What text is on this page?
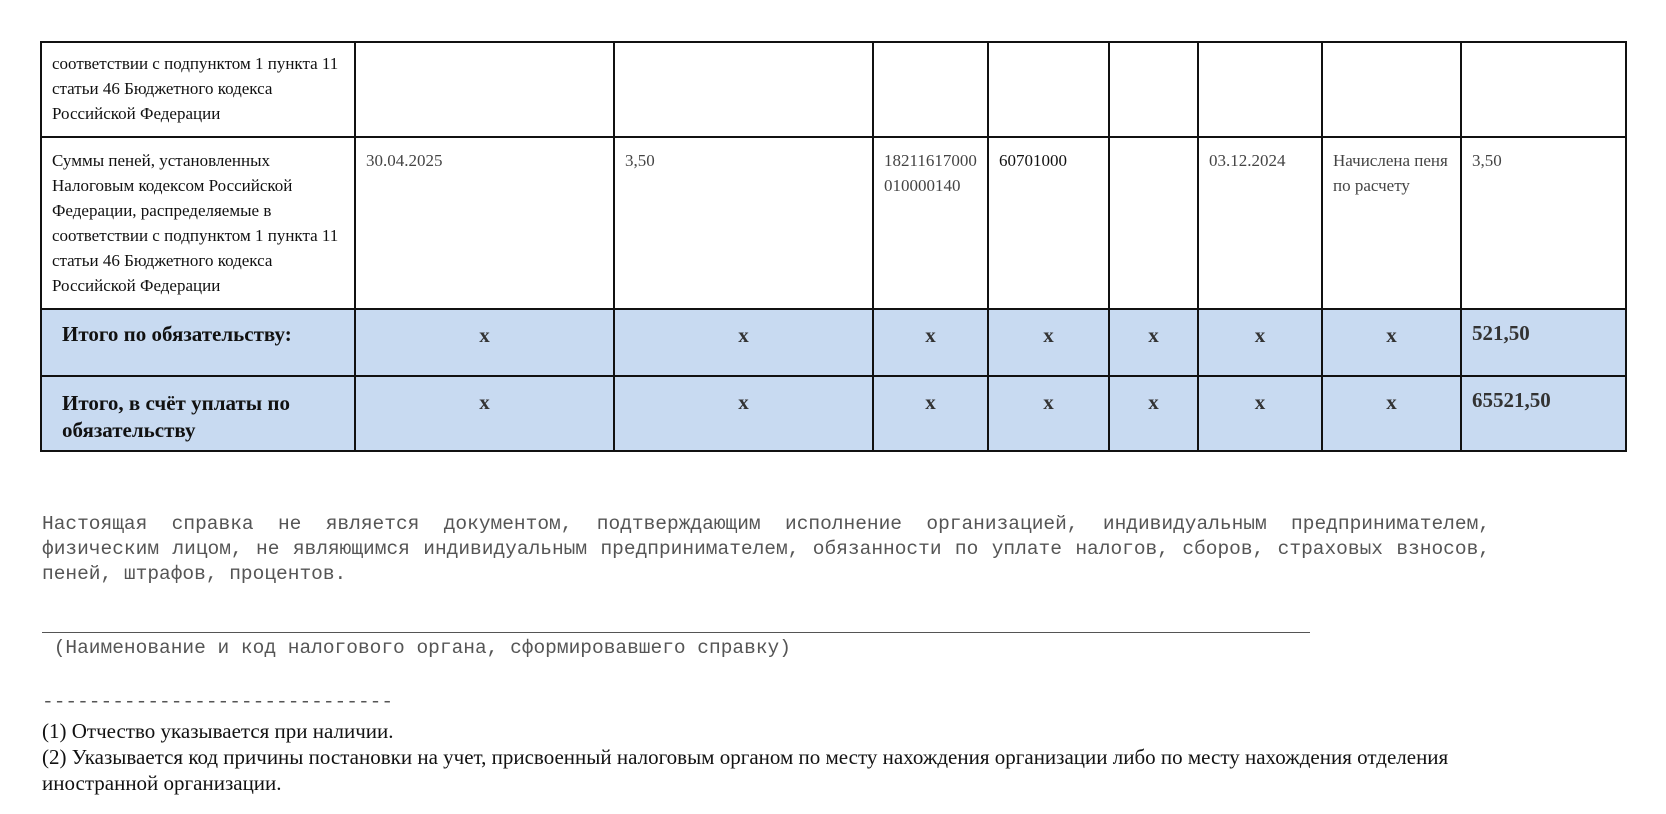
соответствии с подпунктом 1 пункта 11 статьи 46 Бюджетного кодекса Российской Федерации								

Суммы пеней, установленных Налоговым кодексом Российской Федерации, распределяемые в соответствии с подпунктом 1 пункта 11 статьи 46 Бюджетного кодекса Российской Федерации	30.04.2025	3,50	18211617000010000140	60701000		03.12.2024	Начислена пеня по расчету	3,50

Итого по обязательству:	x	x	x	x	x	x	x	521,50

Итого, в счёт уплаты по обязательству	x	x	x	x	x	x	x	65521,50

Настоящая справка не является документом, подтверждающим исполнение организацией, индивидуальным предпринимателем, физическим лицом, не являющимся индивидуальным предпринимателем, обязанности по уплате налогов, сборов, страховых взносов, пеней, штрафов, процентов.

(Наименование и код налогового органа, сформировавшего справку)

------------------------------

(1) Отчество указывается при наличии.

(2) Указывается код причины постановки на учет, присвоенный налоговым органом по месту нахождения организации либо по месту нахождения отделения иностранной организации.
